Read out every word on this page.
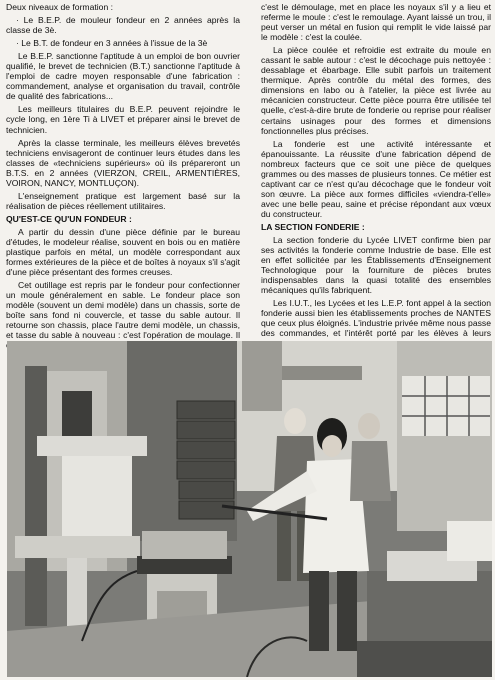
Deux niveaux de formation :

· Le B.E.P. de mouleur fondeur en 2 années après la classe de 3è.

· Le B.T. de fondeur en 3 années à l'issue de la 3è

Le B.E.P. sanctionne l'aptitude à un emploi de bon ouvrier qualifié, le brevet de technicien (B.T.) sanctionne l'aptitude à l'emploi de cadre moyen responsable d'une fabrication : commandement, analyse et organisation du travail, contrôle de qualité des fabrications...

Les meilleurs titulaires du B.E.P. peuvent rejoindre le cycle long, en 1ère Ti à LIVET et préparer ainsi le brevet de technicien.

Après la classe terminale, les meilleurs élèves brevetés techniciens envisageront de continuer leurs études dans les classes de «techniciens supérieurs» où ils prépareront un B.T.S. en 2 années (VIERZON, CREIL, ARMENTIÈRES, VOIRON, NANCY, MONTLUÇON).

L'enseignement pratique est largement basé sur la réalisation de pièces réellement utilitaires.

QU'EST-CE QU'UN FONDEUR :

A partir du dessin d'une pièce définie par le bureau d'études, le modeleur réalise, souvent en bois ou en matière plastique parfois en métal, un modèle correspondant aux formes extérieures de la pièce et de boîtes à noyaux s'il s'agit d'une pièce présentant des formes creuses.

Cet outillage est repris par le fondeur pour confectionner un moule généralement en sable. Le fondeur place son modèle (souvent un demi modèle) dans un chassis, sorte de boîte sans fond ni couvercle, et tasse du sable autour. Il retourne son chassis, place l'autre demi modèle, un chassis, et tasse du sable à nouveau : c'est l'opération de moulage. Il

c'est le démoulage, met en place les noyaux s'il y a lieu et referme le moule : c'est le remoulage. Ayant laissé un trou, il peut verser un métal en fusion qui remplit le vide laissé par le modèle : c'est la coulée.

La pièce coulée et refroidie est extraite du moule en cassant le sable autour : c'est le décochage puis nettoyée : dessablage et ébarbage. Elle subit parfois un traitement thermique. Après contrôle du métal des formes, des dimensions en labo ou à l'atelier, la pièce est livrée au mécanicien constructeur. Cette pièce pourra être utilisée tel quelle, c'est-à-dire brute de fonderie ou reprise pour réaliser certains usinages pour des formes et dimensions fonctionnelles plus précises.

La fonderie est une activité intéressante et épanouissante. La réussite d'une fabrication dépend de nombreux facteurs que ce soit une pièce de quelques grammes ou des masses de plusieurs tonnes. Ce métier est captivant car ce n'est qu'au décochage que le fondeur voit son œuvre. La pièce aux formes difficiles «viendra-t'elle» avec une belle peau, saine et précise répondant aux vœux du constructeur.

LA SECTION FONDERIE :

La section fonderie du Lycée LIVET confirme bien par ses activités la fonderie comme Industrie de base. Elle est en effet sollicitée par les Établissements d'Enseignement Technologique pour la fourniture de pièces brutes indispensables dans la quasi totalité des ensembles mécaniques qu'ils fabriquent.

Les I.U.T., les Lycées et les L.E.P. font appel à la section fonderie aussi bien les établissements proches de NANTES que ceux plus éloignés. L'industrie privée même nous passe des commandes, et l'intérêt porté par les élèves à leurs
